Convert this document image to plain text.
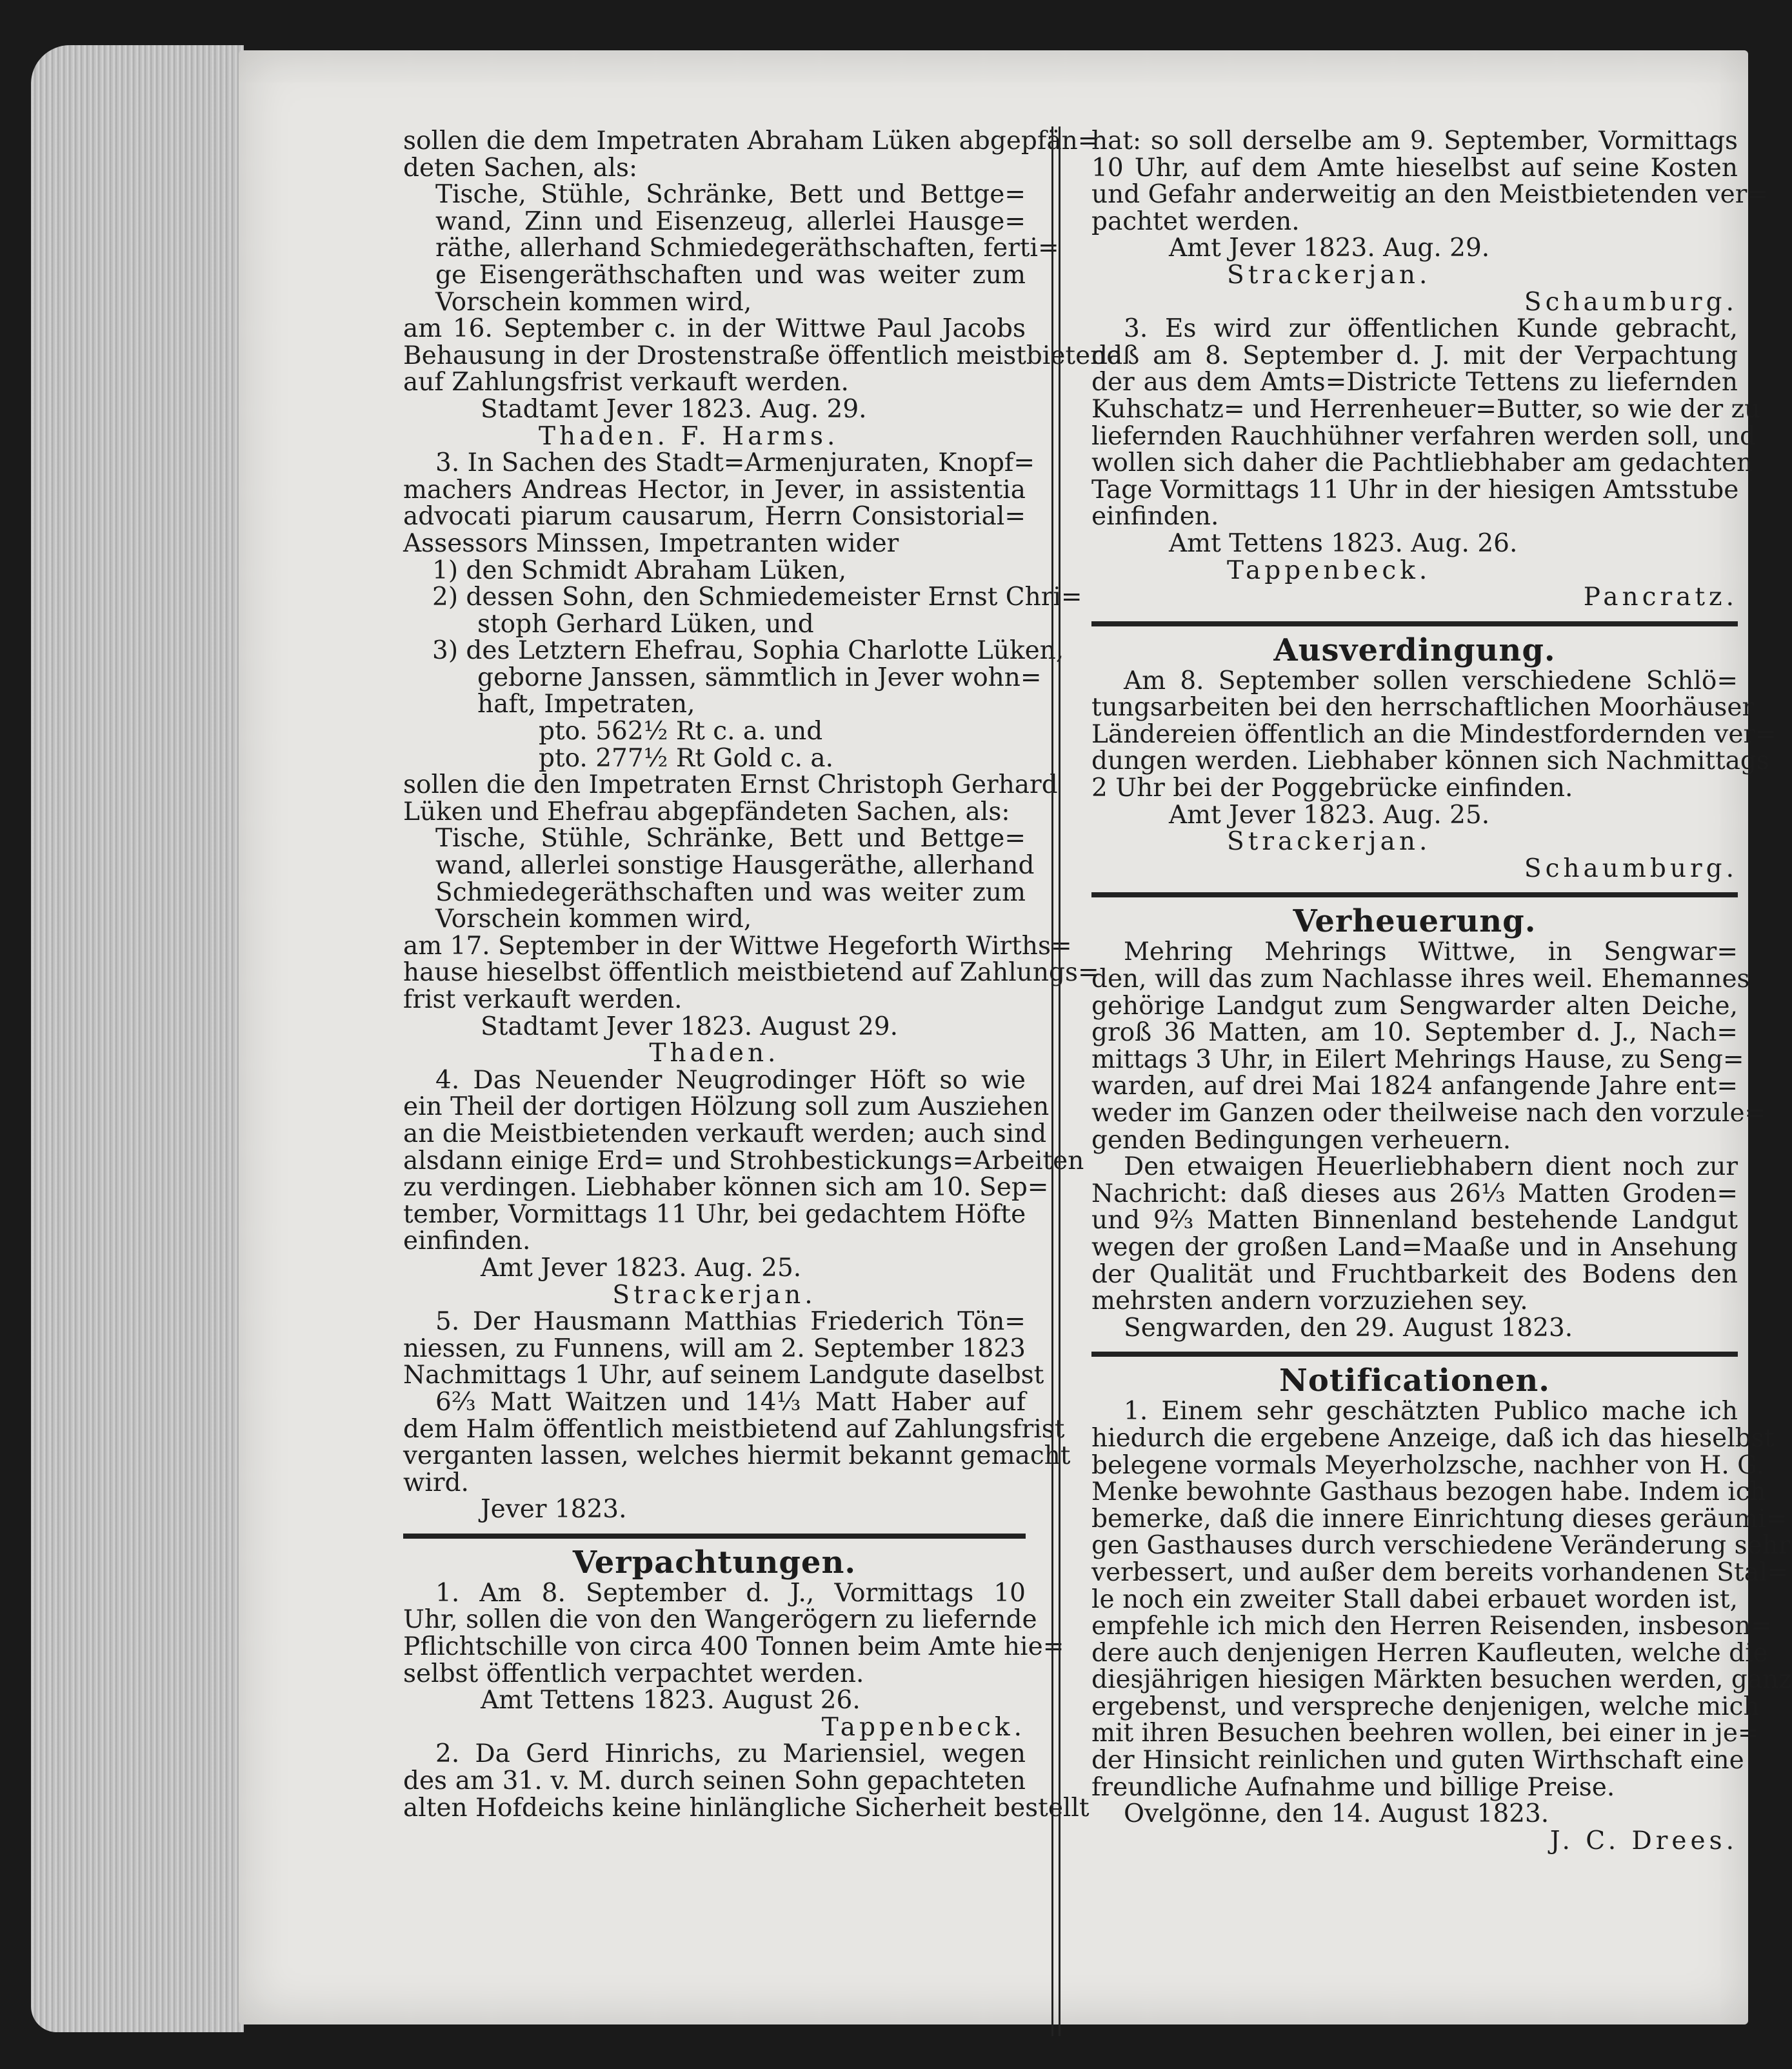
sollen die dem Impetraten Abraham Lüken abgepfän=
deten Sachen, als:
Tische, Stühle, Schränke, Bett und Bettge=
wand, Zinn und Eisenzeug, allerlei Hausge=
räthe, allerhand Schmiedegeräthschaften, ferti=
ge Eisengeräthschaften und was weiter zum
Vorschein kommen wird,
am 16. September c. in der Wittwe Paul Jacobs
Behausung in der Drostenstraße öffentlich meistbietend
auf Zahlungsfrist verkauft werden.
Stadtamt Jever 1823. Aug. 29.
Thaden. F. Harms.
3. In Sachen des Stadt=Armenjuraten, Knopf=
machers Andreas Hector, in Jever, in assistentia
advocati piarum causarum, Herrn Consistorial=
Assessors Minssen, Impetranten wider
1) den Schmidt Abraham Lüken,
2) dessen Sohn, den Schmiedemeister Ernst Chri=
stoph Gerhard Lüken, und
3) des Letztern Ehefrau, Sophia Charlotte Lüken,
geborne Janssen, sämmtlich in Jever wohn=
haft, Impetraten,
pto. 562½ Rt c. a. und
pto. 277½ Rt Gold c. a.
sollen die den Impetraten Ernst Christoph Gerhard
Lüken und Ehefrau abgepfändeten Sachen, als:
Tische, Stühle, Schränke, Bett und Bettge=
wand, allerlei sonstige Hausgeräthe, allerhand
Schmiedegeräthschaften und was weiter zum
Vorschein kommen wird,
am 17. September in der Wittwe Hegeforth Wirths=
hause hieselbst öffentlich meistbietend auf Zahlungs=
frist verkauft werden.
Stadtamt Jever 1823. August 29.
Thaden.
4. Das Neuender Neugrodinger Höft so wie
ein Theil der dortigen Hölzung soll zum Ausziehen
an die Meistbietenden verkauft werden; auch sind
alsdann einige Erd= und Strohbestickungs=Arbeiten
zu verdingen. Liebhaber können sich am 10. Sep=
tember, Vormittags 11 Uhr, bei gedachtem Höfte
einfinden.
Amt Jever 1823. Aug. 25.
Strackerjan.
5. Der Hausmann Matthias Friederich Tön=
niessen, zu Funnens, will am 2. September 1823
Nachmittags 1 Uhr, auf seinem Landgute daselbst
6⅔ Matt Waitzen und 14⅓ Matt Haber auf
dem Halm öffentlich meistbietend auf Zahlungsfrist
verganten lassen, welches hiermit bekannt gemacht
wird.
Jever 1823.
Verpachtungen.
1. Am 8. September d. J., Vormittags 10
Uhr, sollen die von den Wangerögern zu liefernde
Pflichtschille von circa 400 Tonnen beim Amte hie=
selbst öffentlich verpachtet werden.
Amt Tettens 1823. August 26.
Tappenbeck.
2. Da Gerd Hinrichs, zu Mariensiel, wegen
des am 31. v. M. durch seinen Sohn gepachteten
alten Hofdeichs keine hinlängliche Sicherheit bestellt
hat: so soll derselbe am 9. September, Vormittags
10 Uhr, auf dem Amte hieselbst auf seine Kosten
und Gefahr anderweitig an den Meistbietenden ver=
pachtet werden.
Amt Jever 1823. Aug. 29.
Strackerjan.
Schaumburg.
3. Es wird zur öffentlichen Kunde gebracht,
daß am 8. September d. J. mit der Verpachtung
der aus dem Amts=Districte Tettens zu liefernden
Kuhschatz= und Herrenheuer=Butter, so wie der zu
liefernden Rauchhühner verfahren werden soll, und
wollen sich daher die Pachtliebhaber am gedachten
Tage Vormittags 11 Uhr in der hiesigen Amtsstube
einfinden.
Amt Tettens 1823. Aug. 26.
Tappenbeck.
Pancratz.
Ausverdingung.
Am 8. September sollen verschiedene Schlö=
tungsarbeiten bei den herrschaftlichen Moorhäuser
Ländereien öffentlich an die Mindestfordernden ver=
dungen werden. Liebhaber können sich Nachmittags
2 Uhr bei der Poggebrücke einfinden.
Amt Jever 1823. Aug. 25.
Strackerjan.
Schaumburg.
Verheuerung.
Mehring Mehrings Wittwe, in Sengwar=
den, will das zum Nachlasse ihres weil. Ehemannes
gehörige Landgut zum Sengwarder alten Deiche,
groß 36 Matten, am 10. September d. J., Nach=
mittags 3 Uhr, in Eilert Mehrings Hause, zu Seng=
warden, auf drei Mai 1824 anfangende Jahre ent=
weder im Ganzen oder theilweise nach den vorzule=
genden Bedingungen verheuern.
Den etwaigen Heuerliebhabern dient noch zur
Nachricht: daß dieses aus 26⅓ Matten Groden=
und 9⅔ Matten Binnenland bestehende Landgut
wegen der großen Land=Maaße und in Ansehung
der Qualität und Fruchtbarkeit des Bodens den
mehrsten andern vorzuziehen sey.
Sengwarden, den 29. August 1823.
Notificationen.
1. Einem sehr geschätzten Publico mache ich
hiedurch die ergebene Anzeige, daß ich das hieselbst
belegene vormals Meyerholzsche, nachher von H. G.
Menke bewohnte Gasthaus bezogen habe. Indem ich
bemerke, daß die innere Einrichtung dieses geräumi=
gen Gasthauses durch verschiedene Veränderung sehr
verbessert, und außer dem bereits vorhandenen Stal=
le noch ein zweiter Stall dabei erbauet worden ist,
empfehle ich mich den Herren Reisenden, insbeson=
dere auch denjenigen Herren Kaufleuten, welche die
diesjährigen hiesigen Märkten besuchen werden, ganz
ergebenst, und verspreche denjenigen, welche mich
mit ihren Besuchen beehren wollen, bei einer in je=
der Hinsicht reinlichen und guten Wirthschaft eine
freundliche Aufnahme und billige Preise.
Ovelgönne, den 14. August 1823.
J. C. Drees.
